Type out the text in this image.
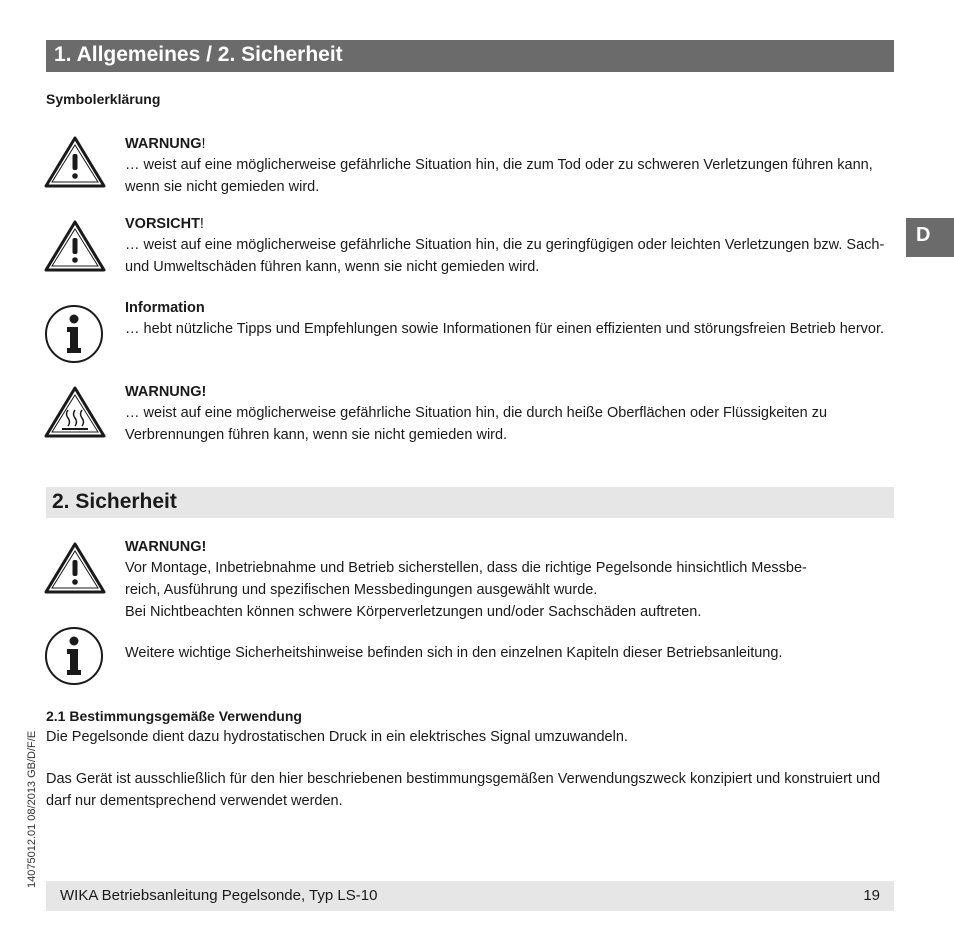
1. Allgemeines / 2. Sicherheit
D
Symbolerklärung
WARNUNG!
… weist auf eine möglicherweise gefährliche Situation hin, die zum Tod oder zu schweren Verletzungen führen kann, wenn sie nicht gemieden wird.
VORSICHT!
… weist auf eine möglicherweise gefährliche Situation hin, die zu geringfügigen oder leichten Verletzungen bzw. Sach- und Umweltschäden führen kann, wenn sie nicht gemieden wird.
Information
… hebt nützliche Tipps und Empfehlungen sowie Informationen für einen effizienten und störungsfreien Betrieb hervor.
WARNUNG!
… weist auf eine möglicherweise gefährliche Situation hin, die durch heiße Oberflächen oder Flüssigkeiten zu Verbrennungen führen kann, wenn sie nicht gemieden wird.
2. Sicherheit
WARNUNG!
Vor Montage, Inbetriebnahme und Betrieb sicherstellen, dass die richtige Pegelsonde hinsichtlich Messbe-
reich, Ausführung und spezifischen Messbedingungen ausgewählt wurde.
Bei Nichtbeachten können schwere Körperverletzungen und/oder Sachschäden auftreten.
Weitere wichtige Sicherheitshinweise befinden sich in den einzelnen Kapiteln dieser Betriebsanleitung.
14075012.01 08/2013 GB/D/F/E
2.1 Bestimmungsgemäße Verwendung
Die Pegelsonde dient dazu hydrostatischen Druck in ein elektrisches Signal umzuwandeln.
Das Gerät ist ausschließlich für den hier beschriebenen bestimmungsgemäßen Verwendungszweck konzipiert und konstruiert und darf nur dementsprechend verwendet werden.
WIKA Betriebsanleitung Pegelsonde, Typ LS-10	19
